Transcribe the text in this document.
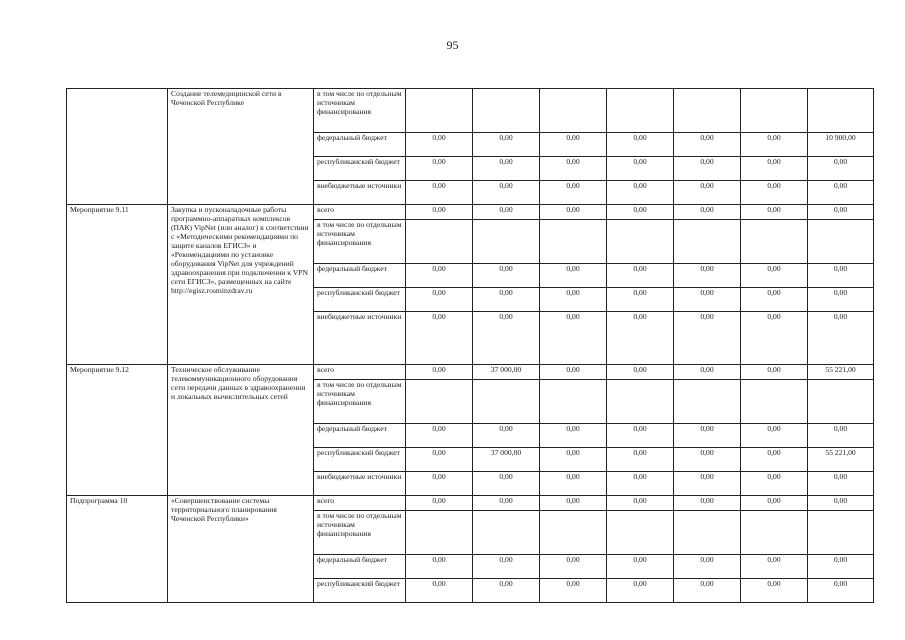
95
	Создание телемедицинской сети в Чеченской Республике	в том числе по отдельным источникам финансирования							
		федеральный бюджет	0,00	0,00	0,00	0,00	0,00	0,00	10 900,00
		республиканский бюджет	0,00	0,00	0,00	0,00	0,00	0,00	0,00
		внебюджетные источники	0,00	0,00	0,00	0,00	0,00	0,00	0,00
Мероприятие 9.11	Закупка и пусконаладочные работы программно-аппаратных комплексов (ПАК) VipNet (или аналог) в соответствии с «Методическими рекомендациями по защите каналов ЕГИСЗ» и «Рекомендациями по установке оборудования VipNet для учреждений здравоохранения при подключении к VPN сети ЕГИСЗ», размещенных на сайте http://egisz.rosminzdrav.ru	всего	0,00	0,00	0,00	0,00	0,00	0,00	0,00
		в том числе по отдельным источникам финансирования							
		федеральный бюджет	0,00	0,00	0,00	0,00	0,00	0,00	0,00
		республиканский бюджет	0,00	0,00	0,00	0,00	0,00	0,00	0,00
		внебюджетные источники	0,00	0,00	0,00	0,00	0,00	0,00	0,00
Мероприятие 9.12	Техническое обслуживание телекоммуникационного оборудования сети передачи данных в здравоохранении и локальных вычислительных сетей	всего	0,00	37 000,00	0,00	0,00	0,00	0,00	55 221,00
		в том числе по отдельным источникам финансирования							
		федеральный бюджет	0,00	0,00	0,00	0,00	0,00	0,00	0,00
		республиканский бюджет	0,00	37 000,00	0,00	0,00	0,00	0,00	55 221,00
		внебюджетные источники	0,00	0,00	0,00	0,00	0,00	0,00	0,00
Подпрограмма 10	«Совершенствование системы территориального планирования Чеченской Республики»	всего	0,00	0,00	0,00	0,00	0,00	0,00	0,00
		в том числе по отдельным источникам финансирования							
		федеральный бюджет	0,00	0,00	0,00	0,00	0,00	0,00	0,00
		республиканский бюджет	0,00	0,00	0,00	0,00	0,00	0,00	0,00
